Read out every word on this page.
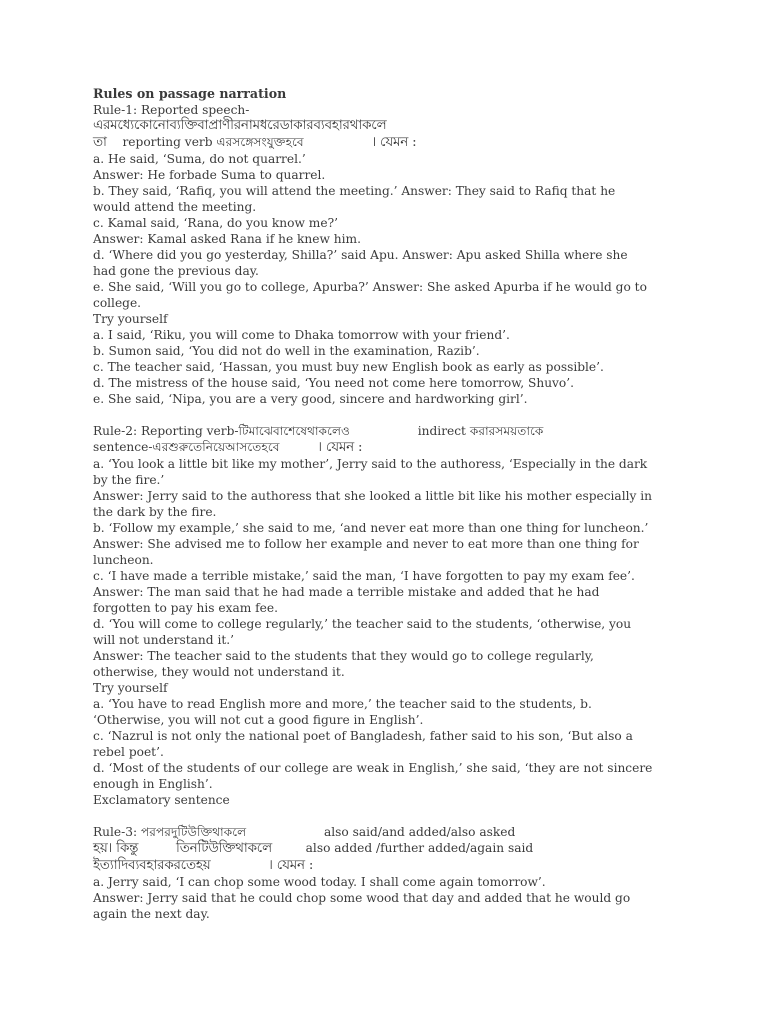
Rules on passage narration
Rule-1: Reported speech-
এরমধ্যেকোনোব্যক্তিবাপ্রাণীরনামধরেডাকারব্যবহারথাকলে
তা reporting verb এরসঙ্গেসংযুক্তহবে	। যেমন :
a. He said, ‘Suma, do not quarrel.’
Answer: He forbade Suma to quarrel.
b. They said, ‘Rafiq, you will attend the meeting.’ Answer: They said to Rafiq that he would attend the meeting.
c. Kamal said, ‘Rana, do you know me?’
Answer: Kamal asked Rana if he knew him.
d. ‘Where did you go yesterday, Shilla?’ said Apu. Answer: Apu asked Shilla where she had gone the previous day.
e. She said, ‘Will you go to college, Apurba?’ Answer: She asked Apurba if he would go to college.
Try yourself
a. I said, ‘Riku, you will come to Dhaka tomorrow with your friend’.
b. Sumon said, ‘You did not do well in the examination, Razib’.
c. The teacher said, ‘Hassan, you must buy new English book as early as possible’.
d. The mistress of the house said, ‘You need not come here tomorrow, Shuvo’.
e. She said, ‘Nipa, you are a very good, sincere and hardworking girl’.
Rule-2: Reporting verb-টিমাঝেবাশেষেথাকলেও	indirect করারসময়তাকে
sentence-এরশুরুতেনিয়েআসতেহবে	। যেমন :
a. ‘You look a little bit like my mother’, Jerry said to the authoress, ‘Especially in the dark by the fire.’
Answer: Jerry said to the authoress that she looked a little bit like his mother especially in the dark by the fire.
b. ‘Follow my example,’ she said to me, ‘and never eat more than one thing for luncheon.’
Answer: She advised me to follow her example and never to eat more than one thing for luncheon.
c. ‘I have made a terrible mistake,’ said the man, ‘I have forgotten to pay my exam fee’.
Answer: The man said that he had made a terrible mistake and added that he had forgotten to pay his exam fee.
d. ‘You will come to college regularly,’ the teacher said to the students, ‘otherwise, you will not understand it.’
Answer: The teacher said to the students that they would go to college regularly, otherwise, they would not understand it.
Try yourself
a. ‘You have to read English more and more,’ the teacher said to the students, b. ‘Otherwise, you will not cut a good figure in English’.
c. ‘Nazrul is not only the national poet of Bangladesh, father said to his son, ‘But also a rebel poet’.
d. ‘Most of the students of our college are weak in English,’ she said, ‘they are not sincere enough in English’.
Exclamatory sentence
Rule-3: পরপরদুটিউক্তিথাকলে	also said/and added/also asked
হয়। কিন্তু	তিনটিউক্তিথাকলে	also added /further added/again said
ইত্যাদিব্যবহারকরতেহয়	। যেমন :
a. Jerry said, ‘I can chop some wood today. I shall come again tomorrow’.
Answer: Jerry said that he could chop some wood that day and added that he would go again the next day.
